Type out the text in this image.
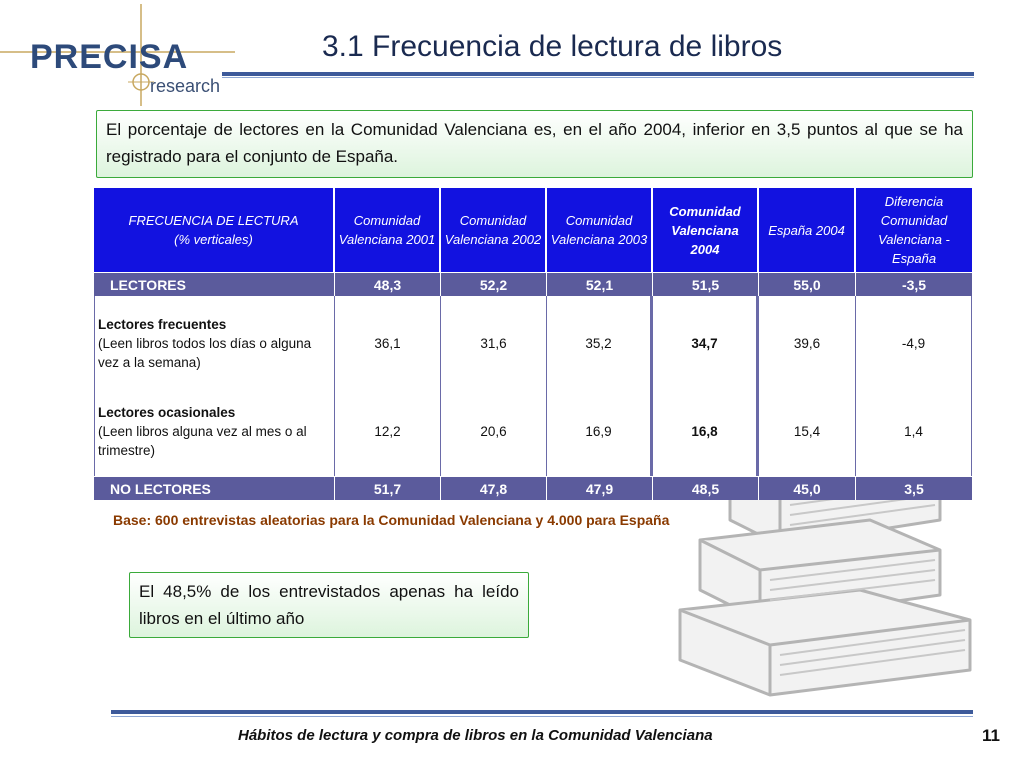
PRECISA
research
3.1 Frecuencia de lectura de libros
El porcentaje de lectores en la Comunidad Valenciana es, en el año 2004, inferior en 3,5 puntos al que se ha registrado para el conjunto de España.
FRECUENCIA DE LECTURA
(% verticales)	Comunidad Valenciana 2001	Comunidad Valenciana 2002	Comunidad Valenciana 2003	Comunidad Valenciana 2004	España 2004	Diferencia Comunidad Valenciana - España
LECTORES	48,3	52,2	52,1	51,5	55,0	-3,5
Lectores frecuentes
(Leen libros todos los días o alguna vez a la semana)	36,1	31,6	35,2	34,7	39,6	-4,9
Lectores ocasionales
(Leen libros alguna vez al mes o al trimestre)	12,2	20,6	16,9	16,8	15,4	1,4
NO LECTORES	51,7	47,8	47,9	48,5	45,0	3,5
Base: 600 entrevistas aleatorias para la Comunidad Valenciana y 4.000 para España
El 48,5% de los entrevistados apenas ha leído libros en el último año
Hábitos de lectura y compra de libros en la Comunidad Valenciana	11
